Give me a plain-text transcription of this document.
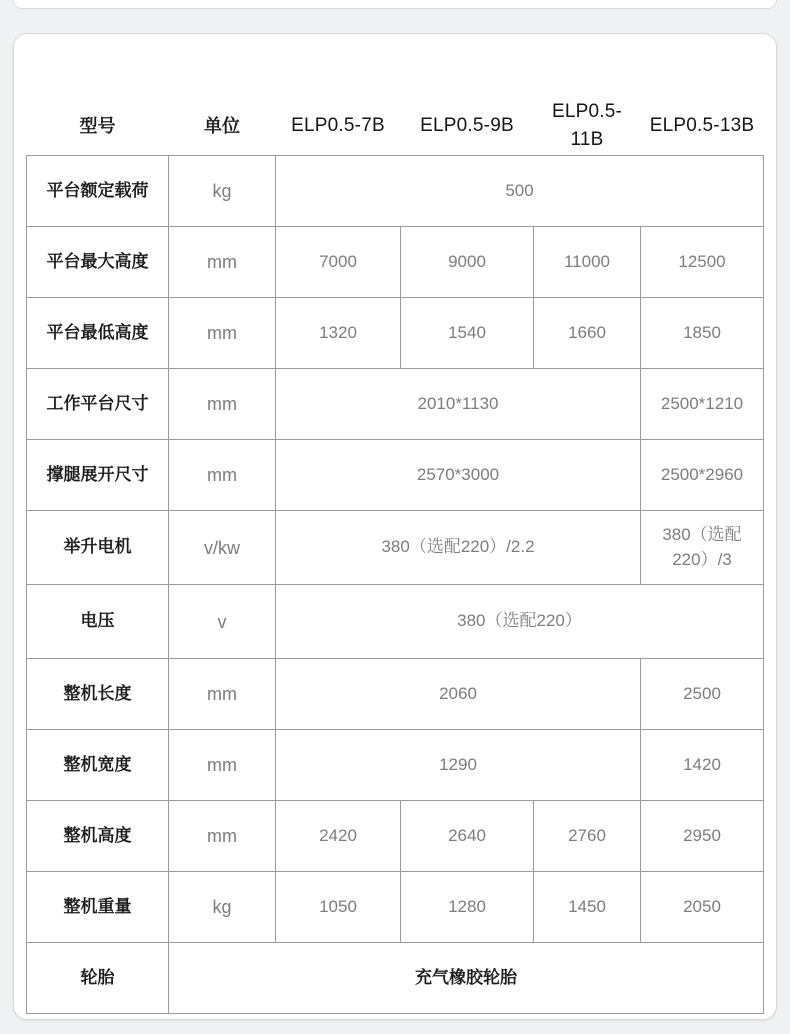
型号	单位	ELP0.5-7B	ELP0.5-9B	ELP0.5-11B	ELP0.5-13B
平台额定载荷	kg	500			
平台最大高度	mm	7000	9000	11000	12500
平台最低高度	mm	1320	1540	1660	1850
工作平台尺寸	mm	2010*1130			2500*1210
撑腿展开尺寸	mm	2570*3000			2500*2960
举升电机	v/kw	380（选配220）/2.2			380（选配220）/3
电压	v	380（选配220）			
整机长度	mm	2060			2500
整机宽度	mm	1290			1420
整机高度	mm	2420	2640	2760	2950
整机重量	kg	1050	1280	1450	2050
轮胎	充气橡胶轮胎				
